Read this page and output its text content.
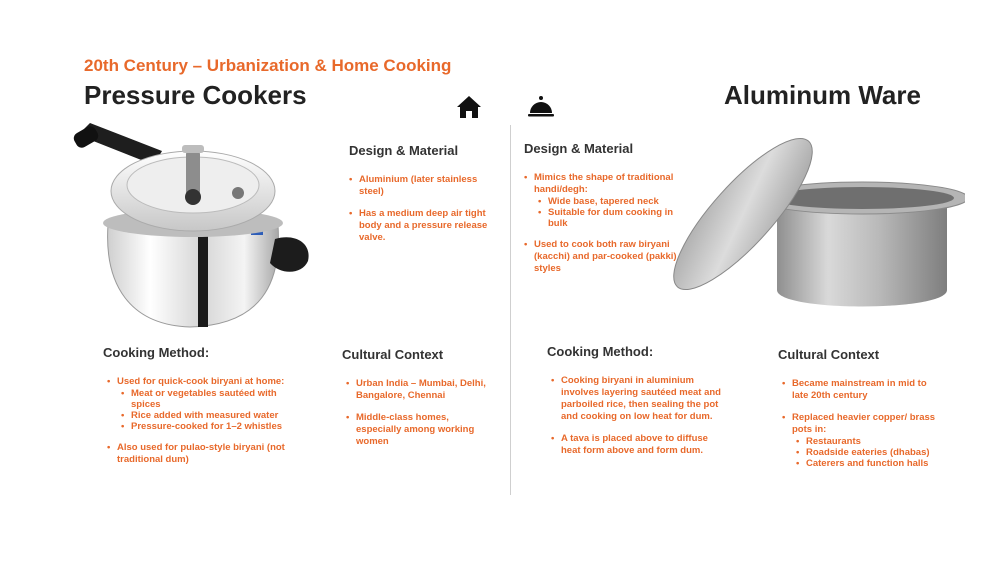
20th Century – Urbanization & Home Cooking
Pressure Cookers	Aluminum Ware
Design & Material
• Aluminium (later stainless steel)
• Has a medium deep air tight body and a pressure release valve.
Design & Material
• Mimics the shape of traditional handi/degh:
• Wide base, tapered neck
• Suitable for dum cooking in bulk
• Used to cook both raw biryani (kacchi) and par-cooked (pakki) styles
Cooking Method:
• Used for quick-cook biryani at home:
• Meat or vegetables sautéed with spices
• Rice added with measured water
• Pressure-cooked for 1–2 whistles
• Also used for pulao-style biryani (not traditional dum)
Cultural Context
• Urban India – Mumbai, Delhi, Bangalore, Chennai
• Middle-class homes, especially among working women
Cooking Method:
• Cooking biryani in aluminium involves layering sautéed meat and parboiled rice, then sealing the pot and cooking on low heat for dum.
• A tava is placed above to diffuse heat form above and form dum.
Cultural Context
• Became mainstream in mid to late 20th century
• Replaced heavier copper/ brass pots in:
• Restaurants
• Roadside eateries (dhabas)
• Caterers and function halls
